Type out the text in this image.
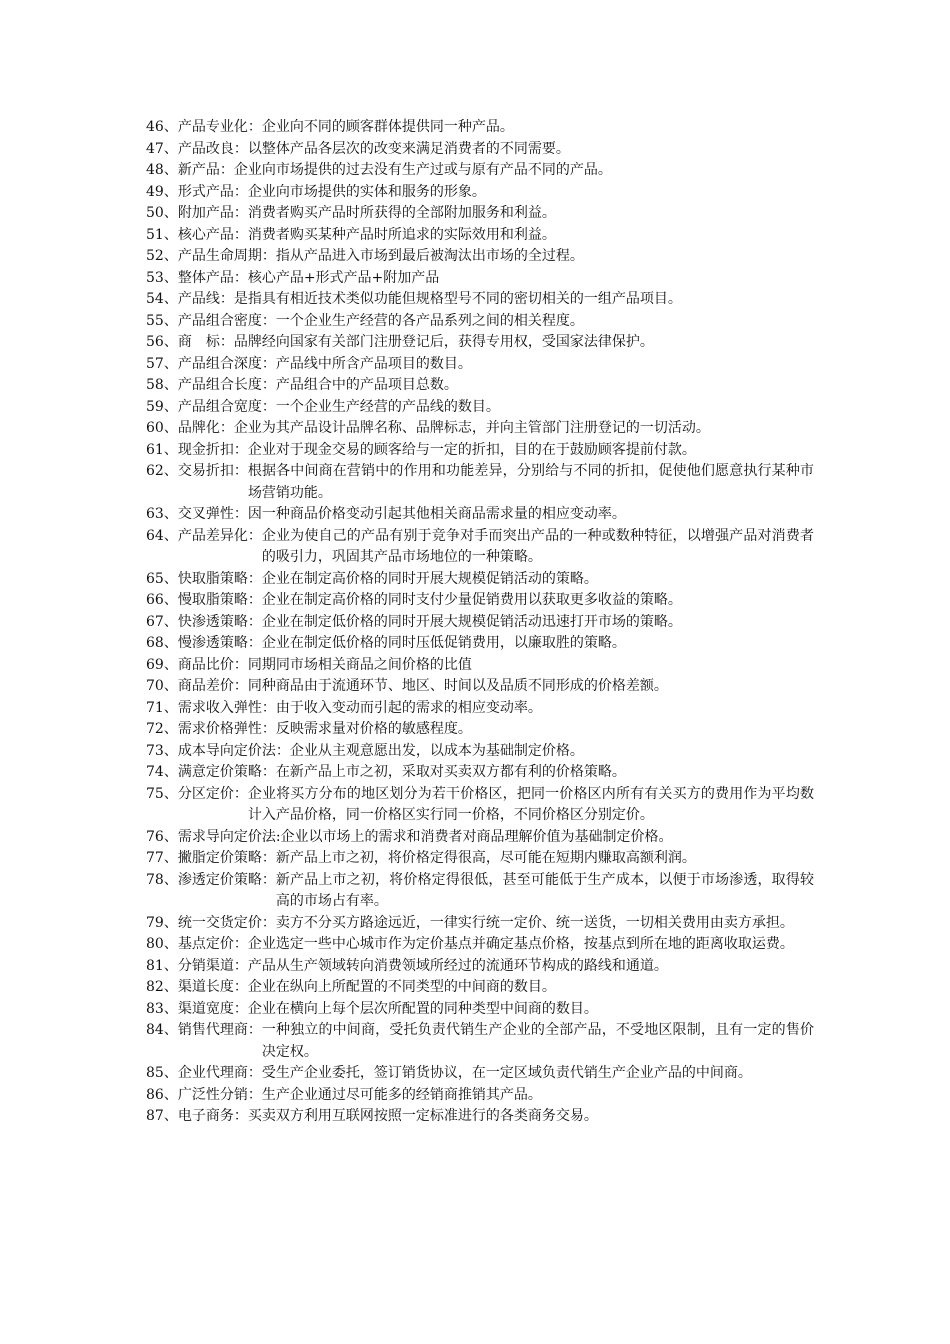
46、 产品专业化： 企业向不同的顾客群体提供同一种产品。
47、 产品改良： 以整体产品各层次的改变来满足消费者的不同需要。
48、 新产品： 企业向市场提供的过去没有生产过或与原有产品不同的产品。
49、 形式产品： 企业向市场提供的实体和服务的形象。
50、 附加产品： 消费者购买产品时所获得的全部附加服务和利益。
51、 核心产品： 消费者购买某种产品时所追求的实际效用和利益。
52、 产品生命周期： 指从产品进入市场到最后被淘汰出市场的全过程。
53、 整体产品： 核心产品+形式产品+附加产品
54、 产品线： 是指具有相近技术类似功能但规格型号不同的密切相关的一组产品项目。
55、 产品组合密度： 一个企业生产经营的各产品系列之间的相关程度。
56、 商　标： 品牌经向国家有关部门注册登记后，获得专用权，受国家法律保护。
57、 产品组合深度： 产品线中所含产品项目的数目。
58、 产品组合长度： 产品组合中的产品项目总数。
59、 产品组合宽度： 一个企业生产经营的产品线的数目。
60、 品牌化： 企业为其产品设计品牌名称、品牌标志，并向主管部门注册登记的一切活动。
61、 现金折扣： 企业对于现金交易的顾客给与一定的折扣，目的在于鼓励顾客提前付款。
62、 交易折扣： 根据各中间商在营销中的作用和功能差异，分别给与不同的折扣，促使他们愿意执行某种市场营销功能。
63、 交叉弹性： 因一种商品价格变动引起其他相关商品需求量的相应变动率。
64、 产品差异化： 企业为使自己的产品有别于竞争对手而突出产品的一种或数种特征，以增强产品对消费者的吸引力，巩固其产品市场地位的一种策略。
65、 快取脂策略： 企业在制定高价格的同时开展大规模促销活动的策略。
66、 慢取脂策略： 企业在制定高价格的同时支付少量促销费用以获取更多收益的策略。
67、 快渗透策略： 企业在制定低价格的同时开展大规模促销活动迅速打开市场的策略。
68、 慢渗透策略： 企业在制定低价格的同时压低促销费用，以廉取胜的策略。
69、 商品比价： 同期同市场相关商品之间价格的比值
70、 商品差价： 同种商品由于流通环节、地区、时间以及品质不同形成的价格差额。
71、 需求收入弹性： 由于收入变动而引起的需求的相应变动率。
72、 需求价格弹性： 反映需求量对价格的敏感程度。
73、 成本导向定价法： 企业从主观意愿出发，以成本为基础制定价格。
74、 满意定价策略： 在新产品上市之初，采取对买卖双方都有利的价格策略。
75、 分区定价： 企业将买方分布的地区划分为若干价格区，把同一价格区内所有有关买方的费用作为平均数计入产品价格，同一价格区实行同一价格，不同价格区分别定价。
76、 需求导向定价法: 企业以市场上的需求和消费者对商品理解价值为基础制定价格。
77、 撇脂定价策略： 新产品上市之初，将价格定得很高，尽可能在短期内赚取高额利润。
78、 渗透定价策略： 新产品上市之初，将价格定得很低，甚至可能低于生产成本，以便于市场渗透，取得较高的市场占有率。
79、 统一交货定价： 卖方不分买方路途远近，一律实行统一定价、统一送货，一切相关费用由卖方承担。
80、 基点定价： 企业选定一些中心城市作为定价基点并确定基点价格，按基点到所在地的距离收取运费。
81、 分销渠道： 产品从生产领域转向消费领域所经过的流通环节构成的路线和通道。
82、 渠道长度： 企业在纵向上所配置的不同类型的中间商的数目。
83、 渠道宽度： 企业在横向上每个层次所配置的同种类型中间商的数目。
84、 销售代理商： 一种独立的中间商，受托负责代销生产企业的全部产品，不受地区限制，且有一定的售价决定权。
85、 企业代理商： 受生产企业委托，签订销货协议，在一定区域负责代销生产企业产品的中间商。
86、 广泛性分销： 生产企业通过尽可能多的经销商推销其产品。
87、 电子商务： 买卖双方利用互联网按照一定标准进行的各类商务交易。
